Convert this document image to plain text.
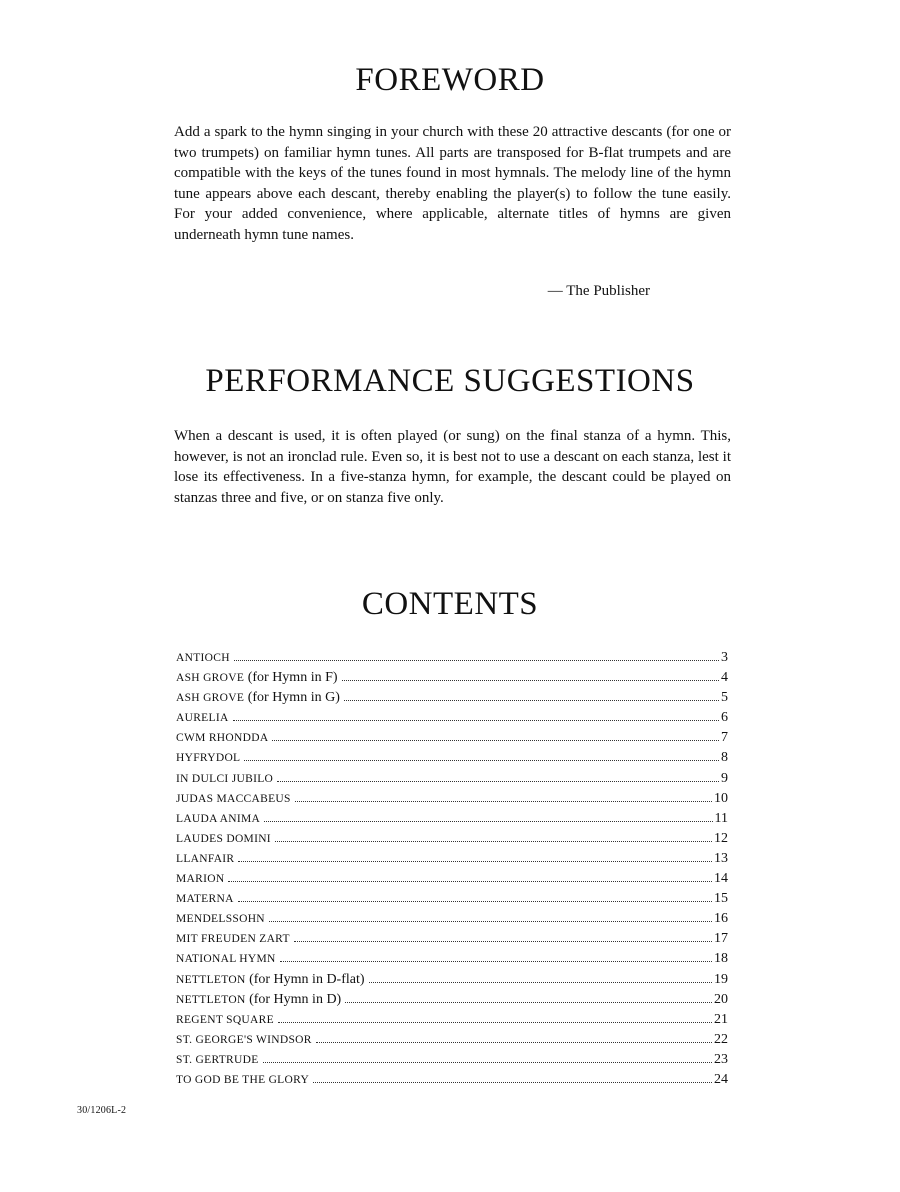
FOREWORD

Add a spark to the hymn singing in your church with these 20 attractive descants (for one or two trumpets) on familiar hymn tunes. All parts are transposed for B-flat trumpets and are compatible with the keys of the tunes found in most hymnals. The melody line of the hymn tune appears above each descant, thereby enabling the player(s) to follow the tune easily. For your added convenience, where applicable, alternate titles of hymns are given underneath hymn tune names.

— The Publisher
PERFORMANCE SUGGESTIONS

When a descant is used, it is often played (or sung) on the final stanza of a hymn. This, however, is not an ironclad rule. Even so, it is best not to use a descant on each stanza, lest it lose its effectiveness. In a five-stanza hymn, for example, the descant could be played on stanzas three and five, or on stanza five only.

CONTENTS
ANTIOCH	3
ASH GROVE (for Hymn in F)	4
ASH GROVE (for Hymn in G)	5
AURELIA	6
CWM RHONDDA	7
HYFRYDOL	8
IN DULCI JUBILO	9
JUDAS MACCABEUS	10
LAUDA ANIMA	11
LAUDES DOMINI	12
LLANFAIR	13
MARION	14
MATERNA	15
MENDELSSOHN	16
MIT FREUDEN ZART	17
NATIONAL HYMN	18
NETTLETON (for Hymn in D-flat)	19
NETTLETON (for Hymn in D)	20
REGENT SQUARE	21
ST. GEORGE'S WINDSOR	22
ST. GERTRUDE	23
TO GOD BE THE GLORY	24
30/1206L-2
